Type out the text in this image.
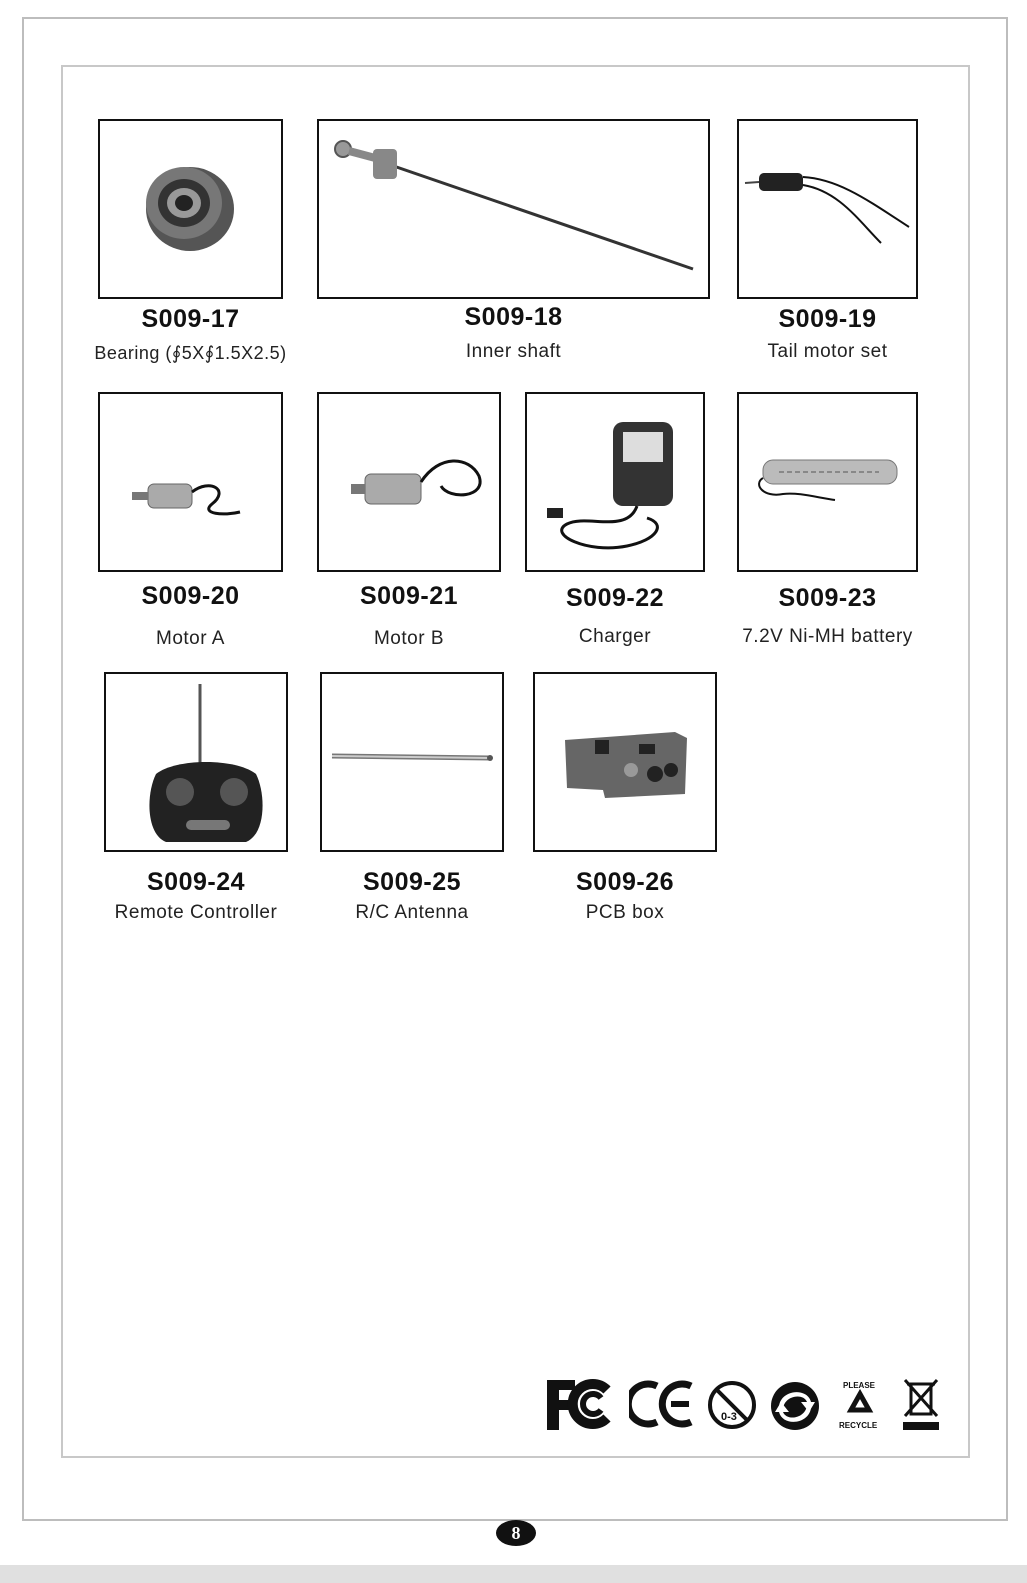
S009-17
Bearing (∮5X∮1.5X2.5)
S009-18
Inner shaft
S009-19
Tail motor set
S009-20
Motor A
S009-21
Motor B
S009-22
Charger
S009-23
7.2V Ni-MH battery
S009-24
Remote Controller
S009-25
R/C Antenna
S009-26
PCB box
0-3
PLEASE
RECYCLE
8
